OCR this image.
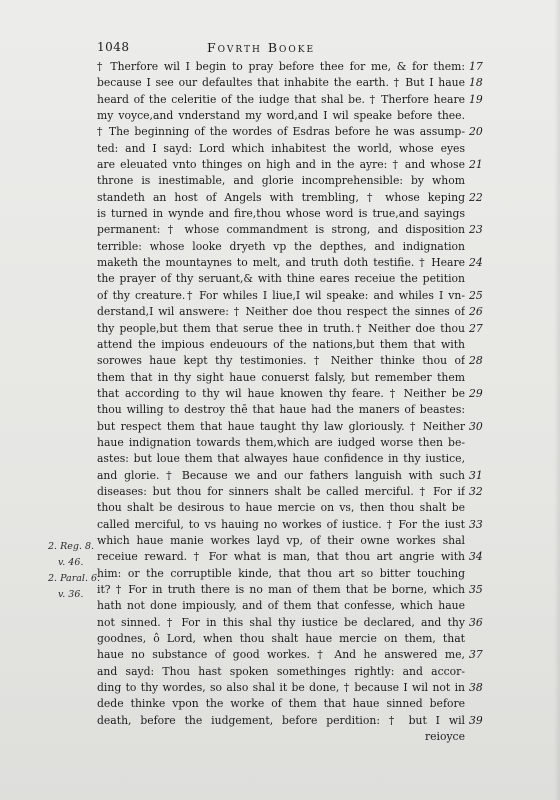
1048	Fovrth Booke
2. Reg. 8.
v. 46.
2. Paral. 6.
v. 36.
† Therfore wil I begin to pray before thee for me, & for them: 17
because I see our defaultes that inhabite the earth. † But I haue 18
heard of the celeritie of the iudge that shal be. † Therfore heare 19
my voyce,and vnderstand my word,and I wil speake before thee.
† The beginning of the wordes of Esdras before he was assump- 20
ted: and I sayd: Lord which inhabitest the world, whose eyes
are eleuated vnto thinges on high and in the ayre: † and whose 21
throne is inestimable, and glorie incomprehensible: by whom
standeth an host of Angels with trembling, † whose keping 22
is turned in wynde and fire,thou whose word is true,and sayings
permanent: † whose commandment is strong, and disposition 23
terrible: whose looke dryeth vp the depthes, and indignation
maketh the mountaynes to melt, and truth doth testifie. † Heare 24
the prayer of thy seruant,& with thine eares receiue the petition
of thy creature.† For whiles I liue,I wil speake: and whiles I vn- 25
derstand,I wil answere: † Neither doe thou respect the sinnes of 26
thy people,but them that serue thee in truth.† Neither doe thou 27
attend the impious endeuours of the nations,but them that with
sorowes haue kept thy testimonies. † Neither thinke thou of 28
them that in thy sight haue conuerst falsly, but remember them
that according to thy wil haue knowen thy feare. † Neither be 29
thou willing to destroy thē that haue had the maners of beastes:
but respect them that haue taught thy law gloriously. † Neither 30
haue indignation towards them,which are iudged worse then be-
astes: but loue them that alwayes haue confidence in thy iustice,
and glorie. † Because we and our fathers languish with such 31
diseases: but thou for sinners shalt be called merciful. † For if 32
thou shalt be desirous to haue mercie on vs, then thou shalt be
called merciful, to vs hauing no workes of iustice. † For the iust 33
which haue manie workes layd vp, of their owne workes shal
receiue reward. † For what is man, that thou art angrie with 34
him: or the corruptible kinde, that thou art so bitter touching
it? † For in truth there is no man of them that be borne, which 35
hath not done impiously, and of them that confesse, which haue
not sinned. † For in this shal thy iustice be declared, and thy 36
goodnes, ô Lord, when thou shalt haue mercie on them, that
haue no substance of good workes. † And he answered me, 37
and sayd: Thou hast spoken somethinges rightly: and accor-
ding to thy wordes, so also shal it be done, † because I wil not in 38
dede thinke vpon the worke of them that haue sinned before
death, before the iudgement, before perdition: † but I wil 39
reioyce
